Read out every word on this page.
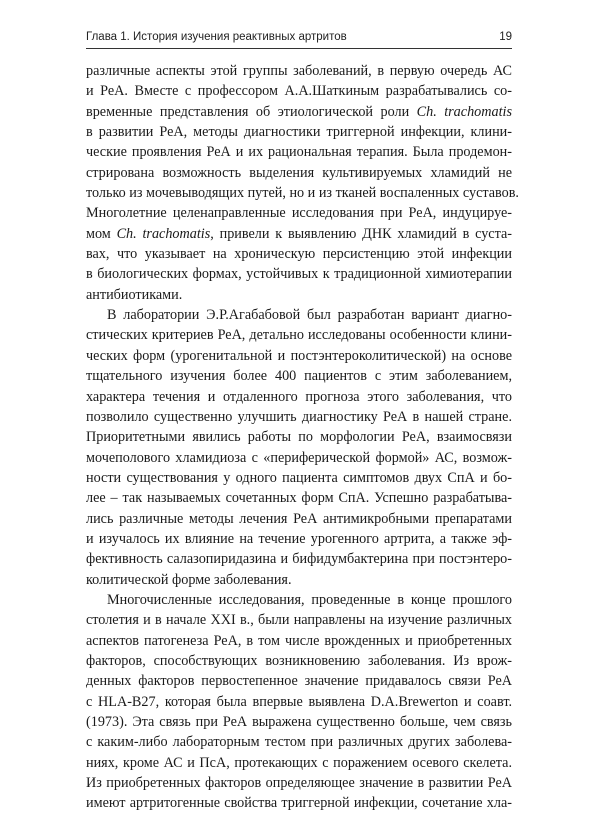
Глава 1. История изучения реактивных артритов	19
различные аспекты этой группы заболеваний, в первую очередь АС
и РеА. Вместе с профессором А.А.Шаткиным разрабатывались со-
временные представления об этиологической роли Ch. trachomatis
в развитии РеА, методы диагностики триггерной инфекции, клини-
ческие проявления РеА и их рациональная терапия. Была продемон-
стрирована возможность выделения культивируемых хламидий не
только из мочевыводящих путей, но и из тканей воспаленных суставов.
Многолетние целенаправленные исследования при РеА, индуцируе-
мом Ch. trachomatis, привели к выявлению ДНК хламидий в суста-
вах, что указывает на хроническую персистенцию этой инфекции
в биологических формах, устойчивых к традиционной химиотерапии
антибиотиками.
В лаборатории Э.Р.Агабабовой был разработан вариант диагно-
стических критериев РеА, детально исследованы особенности клини-
ческих форм (урогенитальной и постэнтероколитической) на основе
тщательного изучения более 400 пациентов с этим заболеванием,
характера течения и отдаленного прогноза этого заболевания, что
позволило существенно улучшить диагностику РеА в нашей стране.
Приоритетными явились работы по морфологии РеА, взаимосвязи
мочеполового хламидиоза с «периферической формой» АС, возмож-
ности существования у одного пациента симптомов двух СпА и бо-
лее – так называемых сочетанных форм СпА. Успешно разрабатыва-
лись различные методы лечения РеА антимикробными препаратами
и изучалось их влияние на течение урогенного артрита, а также эф-
фективность салазопиридазина и бифидумбактерина при постэнтеро-
колитической форме заболевания.
Многочисленные исследования, проведенные в конце прошлого
столетия и в начале XXI в., были направлены на изучение различных
аспектов патогенеза РеА, в том числе врожденных и приобретенных
факторов, способствующих возникновению заболевания. Из врож-
денных факторов первостепенное значение придавалось связи РеА
с HLA-B27, которая была впервые выявлена D.A.Brewerton и соавт.
(1973). Эта связь при РеА выражена существенно больше, чем связь
с каким-либо лабораторным тестом при различных других заболева-
ниях, кроме АС и ПсА, протекающих с поражением осевого скелета.
Из приобретенных факторов определяющее значение в развитии РеА
имеют артритогенные свойства триггерной инфекции, сочетание хла-
